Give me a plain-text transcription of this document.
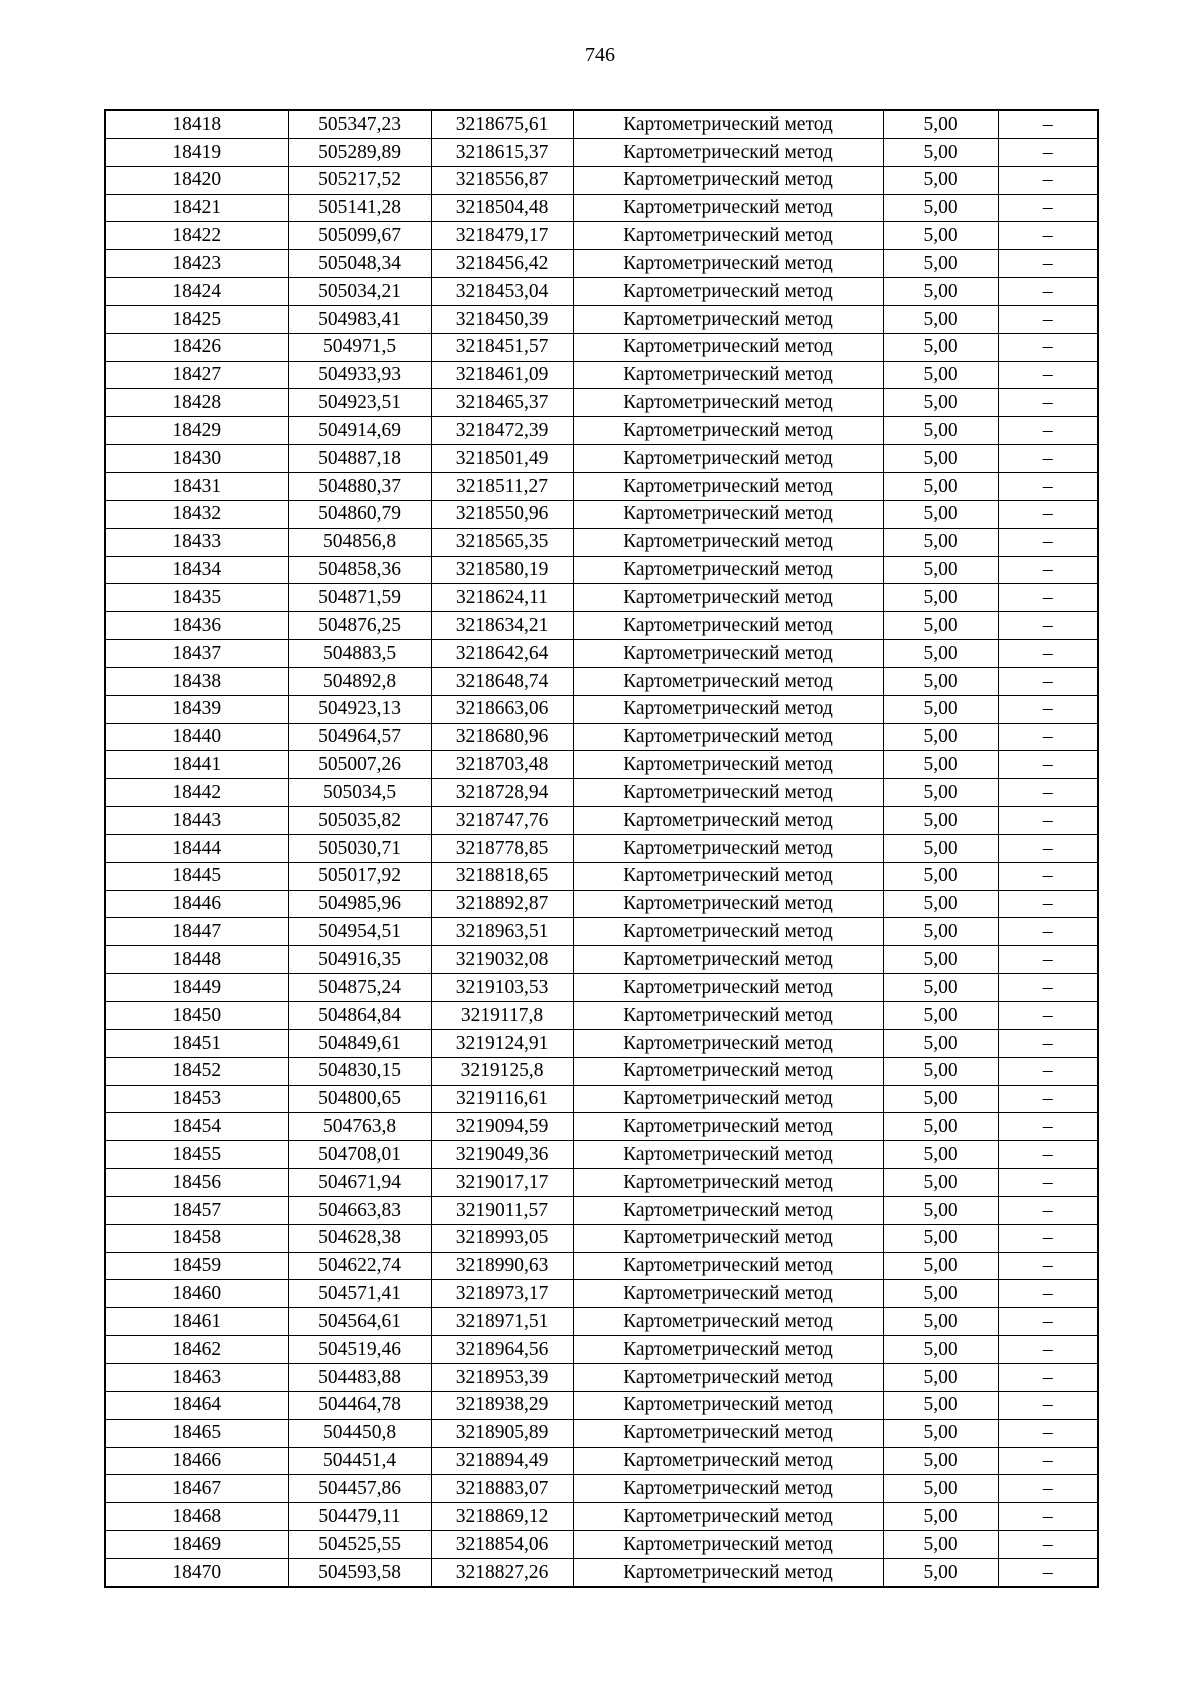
746
18418	505347,23	3218675,61	Картометрический метод	5,00	–
18419	505289,89	3218615,37	Картометрический метод	5,00	–
18420	505217,52	3218556,87	Картометрический метод	5,00	–
18421	505141,28	3218504,48	Картометрический метод	5,00	–
18422	505099,67	3218479,17	Картометрический метод	5,00	–
18423	505048,34	3218456,42	Картометрический метод	5,00	–
18424	505034,21	3218453,04	Картометрический метод	5,00	–
18425	504983,41	3218450,39	Картометрический метод	5,00	–
18426	504971,5	3218451,57	Картометрический метод	5,00	–
18427	504933,93	3218461,09	Картометрический метод	5,00	–
18428	504923,51	3218465,37	Картометрический метод	5,00	–
18429	504914,69	3218472,39	Картометрический метод	5,00	–
18430	504887,18	3218501,49	Картометрический метод	5,00	–
18431	504880,37	3218511,27	Картометрический метод	5,00	–
18432	504860,79	3218550,96	Картометрический метод	5,00	–
18433	504856,8	3218565,35	Картометрический метод	5,00	–
18434	504858,36	3218580,19	Картометрический метод	5,00	–
18435	504871,59	3218624,11	Картометрический метод	5,00	–
18436	504876,25	3218634,21	Картометрический метод	5,00	–
18437	504883,5	3218642,64	Картометрический метод	5,00	–
18438	504892,8	3218648,74	Картометрический метод	5,00	–
18439	504923,13	3218663,06	Картометрический метод	5,00	–
18440	504964,57	3218680,96	Картометрический метод	5,00	–
18441	505007,26	3218703,48	Картометрический метод	5,00	–
18442	505034,5	3218728,94	Картометрический метод	5,00	–
18443	505035,82	3218747,76	Картометрический метод	5,00	–
18444	505030,71	3218778,85	Картометрический метод	5,00	–
18445	505017,92	3218818,65	Картометрический метод	5,00	–
18446	504985,96	3218892,87	Картометрический метод	5,00	–
18447	504954,51	3218963,51	Картометрический метод	5,00	–
18448	504916,35	3219032,08	Картометрический метод	5,00	–
18449	504875,24	3219103,53	Картометрический метод	5,00	–
18450	504864,84	3219117,8	Картометрический метод	5,00	–
18451	504849,61	3219124,91	Картометрический метод	5,00	–
18452	504830,15	3219125,8	Картометрический метод	5,00	–
18453	504800,65	3219116,61	Картометрический метод	5,00	–
18454	504763,8	3219094,59	Картометрический метод	5,00	–
18455	504708,01	3219049,36	Картометрический метод	5,00	–
18456	504671,94	3219017,17	Картометрический метод	5,00	–
18457	504663,83	3219011,57	Картометрический метод	5,00	–
18458	504628,38	3218993,05	Картометрический метод	5,00	–
18459	504622,74	3218990,63	Картометрический метод	5,00	–
18460	504571,41	3218973,17	Картометрический метод	5,00	–
18461	504564,61	3218971,51	Картометрический метод	5,00	–
18462	504519,46	3218964,56	Картометрический метод	5,00	–
18463	504483,88	3218953,39	Картометрический метод	5,00	–
18464	504464,78	3218938,29	Картометрический метод	5,00	–
18465	504450,8	3218905,89	Картометрический метод	5,00	–
18466	504451,4	3218894,49	Картометрический метод	5,00	–
18467	504457,86	3218883,07	Картометрический метод	5,00	–
18468	504479,11	3218869,12	Картометрический метод	5,00	–
18469	504525,55	3218854,06	Картометрический метод	5,00	–
18470	504593,58	3218827,26	Картометрический метод	5,00	–
